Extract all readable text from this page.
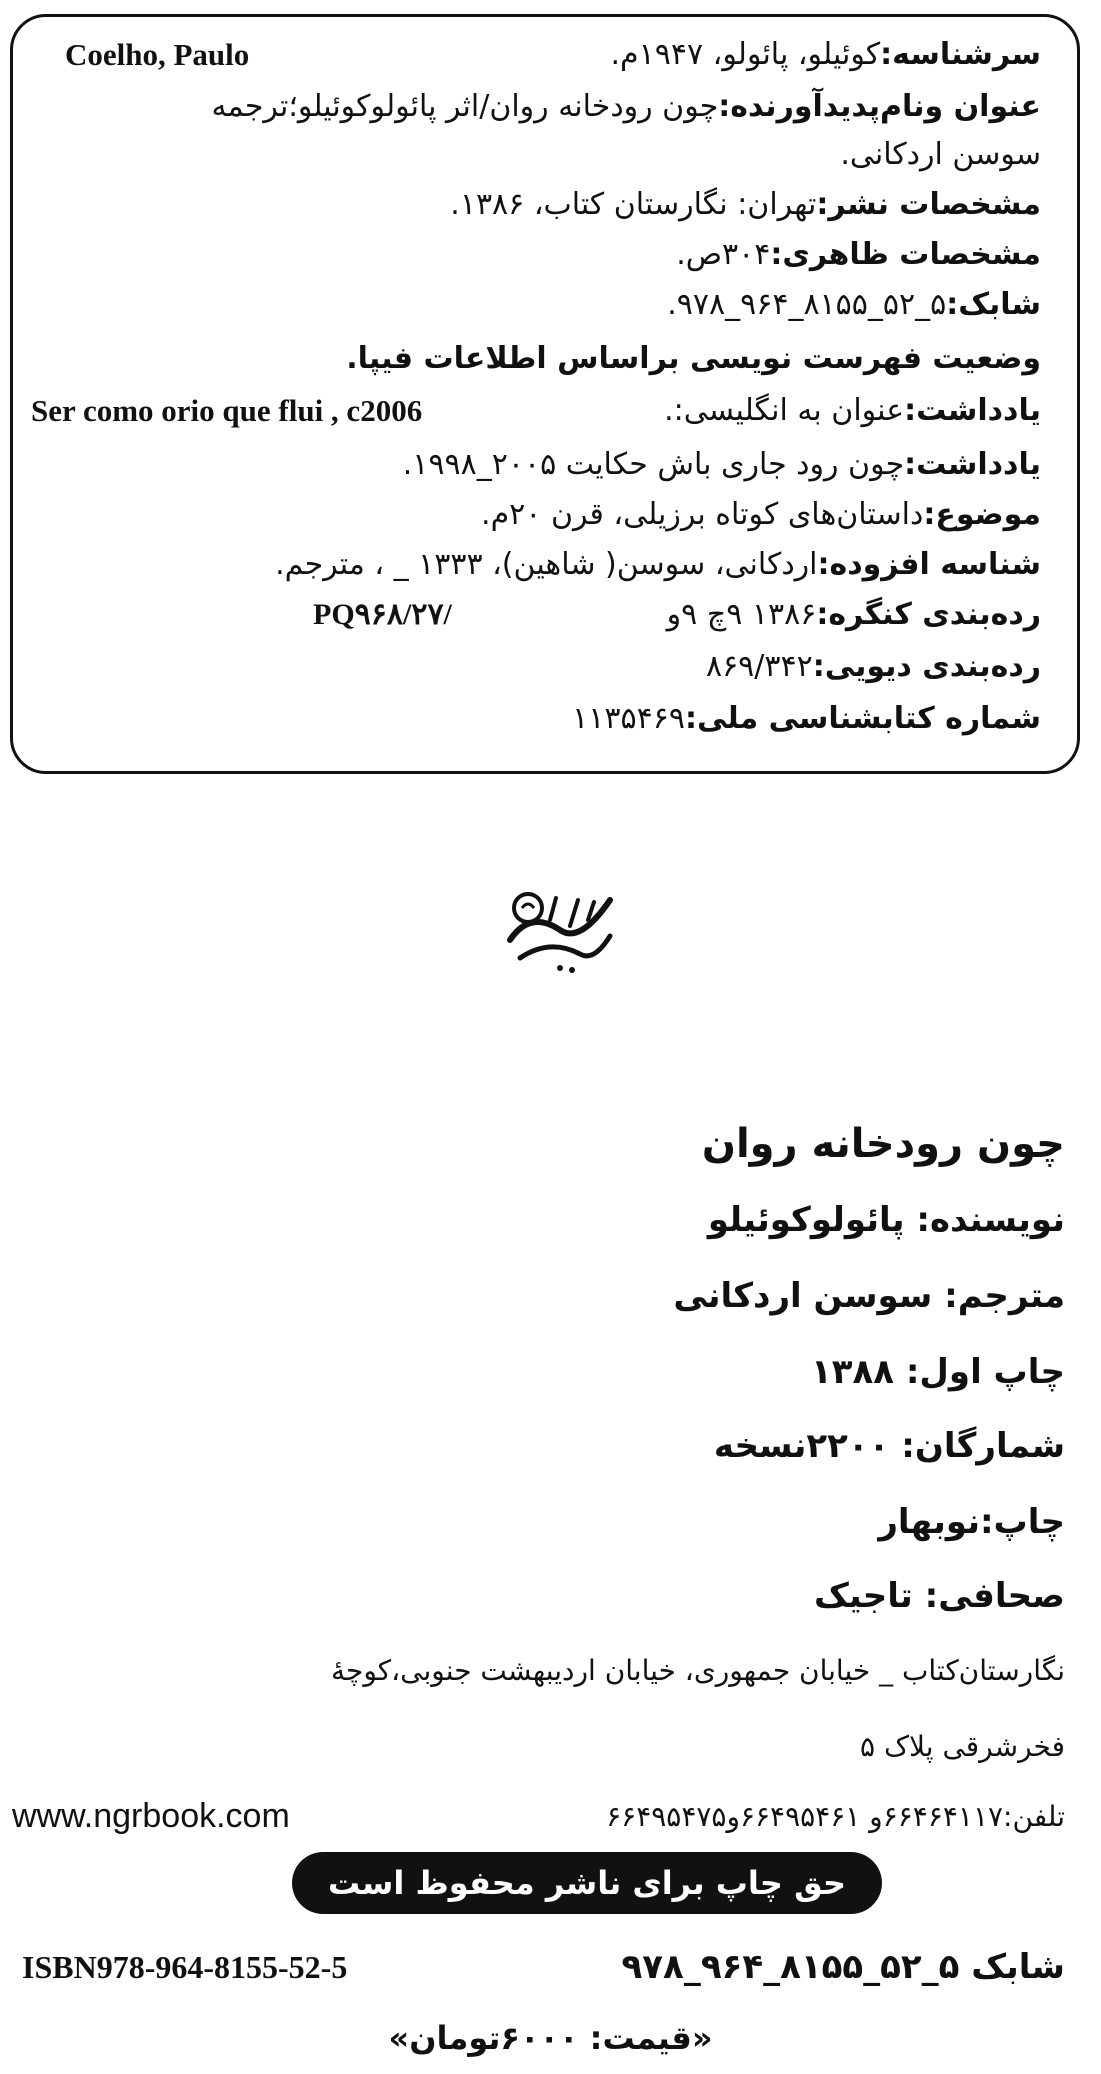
Coelho, Paulo	سرشناسه:کوئیلو، پائولو، ۱۹۴۷م.
عنوان ونام‌پدیدآورنده:چون رودخانه روان/اثر پائولوکوئیلو؛ترجمه
سوسن اردکانی.
مشخصات نشر:تهران: نگارستان کتاب، ۱۳۸۶.
مشخصات ظاهری:۳۰۴ص.
شابک:۵_۵۲_۸۱۵۵_۹۶۴_۹۷۸.
وضعیت فهرست نویسی براساس اطلاعات فیپا.
Ser como orio que flui , c2006	یادداشت:عنوان به انگلیسی:.
یادداشت:چون رود جاری باش حکایت ۲۰۰۵_۱۹۹۸.
موضوع:داستان‌های کوتاه برزیلی، قرن ۲۰م.
شناسه افزوده:اردکانی، سوسن( شاهین)، ۱۳۳۳ _ ، مترجم.
PQ۹۶۸/۲۷/	رده‌بندی کنگره:۱۳۸۶ ۹چ ۹و
رده‌بندی دیویی:۸۶۹/۳۴۲
شماره کتابشناسی ملی:۱۱۳۵۴۶۹
چون رودخانه روان
نویسنده: پائولوکوئیلو
مترجم: سوسن اردکانی
چاپ اول: ۱۳۸۸
شمارگان: ۲۲۰۰نسخه
چاپ:نوبهار
صحافی: تاجیک
نگارستان‌کتاب _ خیابان جمهوری، خیابان اردیبهشت جنوبی،کوچهٔ
فخرشرقی پلاک ۵
تلفن:۶۶۴۶۴۱۱۷و ۶۶۴۹۵۴۶۱و۶۶۴۹۵۴۷۵
www.ngrbook.com
حق چاپ برای ناشر محفوظ است
ISBN978-964-8155-52-5	شابک ۵_۵۲_۸۱۵۵_۹۶۴_۹۷۸
«قیمت: ۶۰۰۰تومان»
